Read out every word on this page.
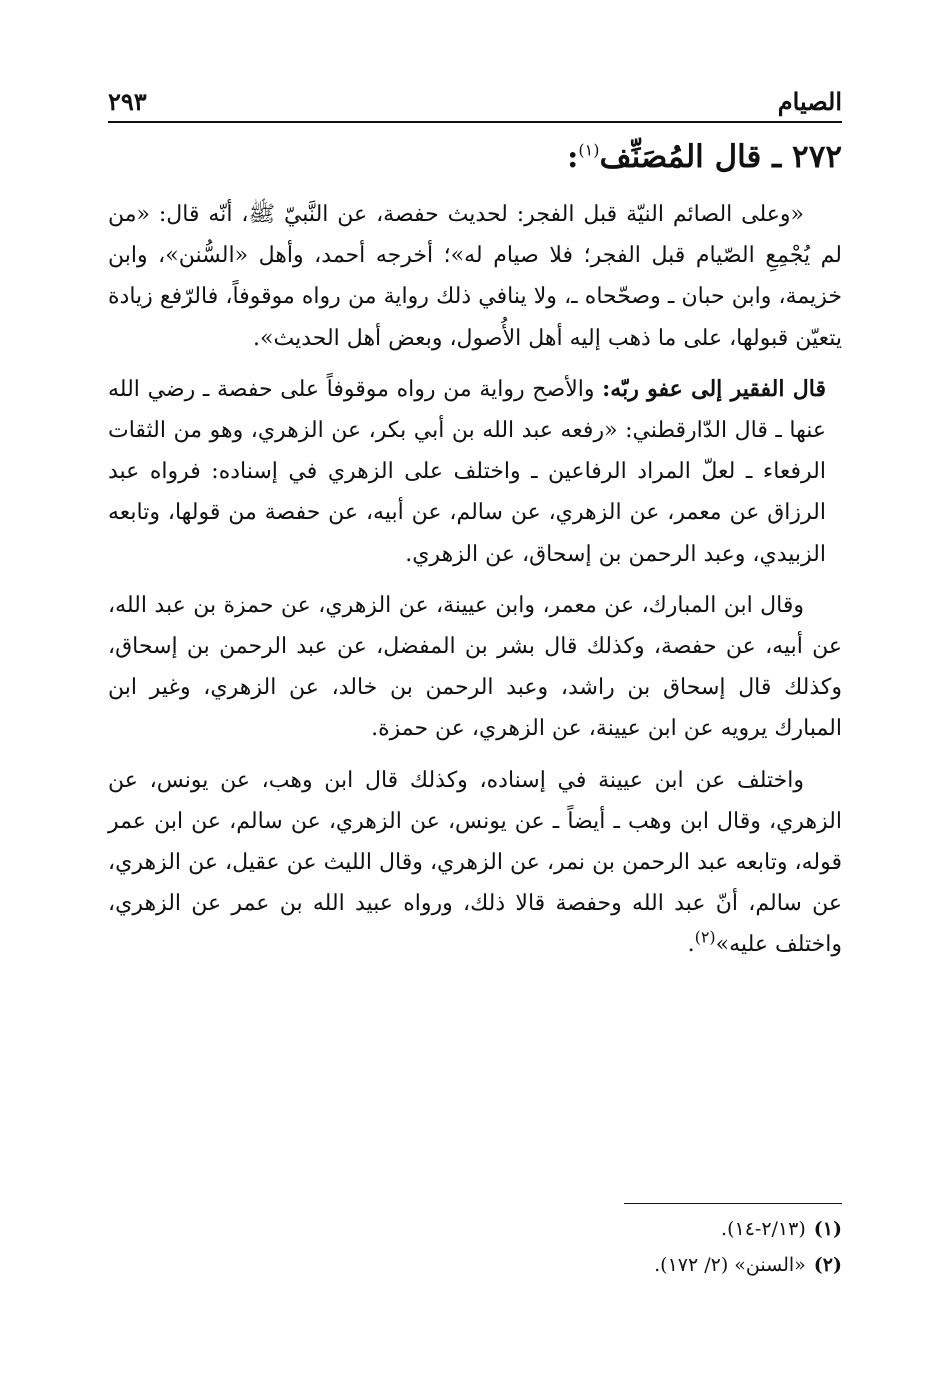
الصيام
٢٩٣
٢٧٢ ـ قال المُصَنِّف$^{(١)}$:

«وعلى الصائم النيّة قبل الفجر: لحديث حفصة، عن النَّبيّ ﷺ، أنّه قال: «من لم يُجْمِعِ الصّيام قبل الفجر؛ فلا صيام له»؛ أخرجه أحمد، وأهل «السُّنن»، وابن خزيمة، وابن حبان ـ وصحّحاه ـ، ولا ينافي ذلك رواية من رواه موقوفاً، فالرّفع زيادة يتعيّن قبولها، على ما ذهب إليه أهل الأُصول، وبعض أهل الحديث».

قال الفقير إلى عفو ربّه: والأصح رواية من رواه موقوفاً على حفصة ـ رضي الله عنها ـ قال الدّارقطني: «رفعه عبد الله بن أبي بكر، عن الزهري، وهو من الثقات الرفعاء ـ لعلّ المراد الرفاعين ـ واختلف على الزهري في إسناده: فرواه عبد الرزاق عن معمر، عن الزهري، عن سالم، عن أبيه، عن حفصة من قولها، وتابعه الزبيدي، وعبد الرحمن بن إسحاق، عن الزهري.

وقال ابن المبارك، عن معمر، وابن عيينة، عن الزهري، عن حمزة بن عبد الله، عن أبيه، عن حفصة، وكذلك قال بشر بن المفضل، عن عبد الرحمن بن إسحاق، وكذلك قال إسحاق بن راشد، وعبد الرحمن بن خالد، عن الزهري، وغير ابن المبارك يرويه عن ابن عيينة، عن الزهري، عن حمزة.

واختلف عن ابن عيينة في إسناده، وكذلك قال ابن وهب، عن يونس، عن الزهري، وقال ابن وهب ـ أيضاً ـ عن يونس، عن الزهري، عن سالم، عن ابن عمر قوله، وتابعه عبد الرحمن بن نمر، عن الزهري، وقال الليث عن عقيل، عن الزهري، عن سالم، أنّ عبد الله وحفصة قالا ذلك، ورواه عبيد الله بن عمر عن الزهري، واختلف عليه»$^{(٢)}$.

(١)(٢/١٣-١٤).
(٢)«السنن» (٢/ ١٧٢).
